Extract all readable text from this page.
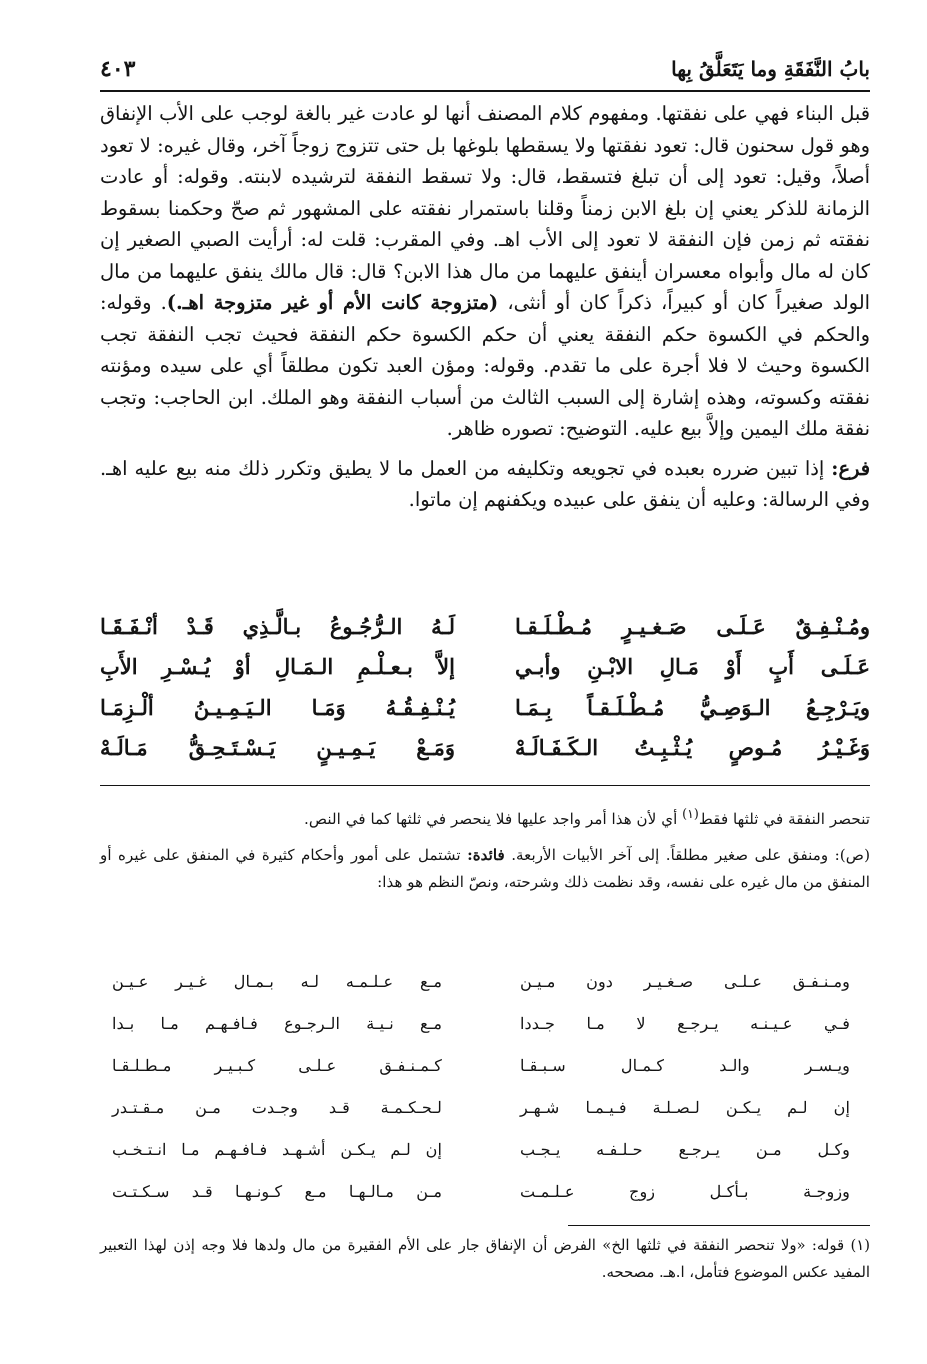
بابُ النَّفَقَةِ وما يَتَعَلَّقُ بِها
٤٠٣

قبل البناء فهي على نفقتها. ومفهوم كلام المصنف أنها لو عادت غير بالغة لوجب على الأب الإنفاق وهو قول سحنون قال: تعود نفقتها ولا يسقطها بلوغها بل حتى تتزوج زوجاً آخر، وقال غيره: لا تعود أصلاً، وقيل: تعود إلى أن تبلغ فتسقط، قال: ولا تسقط النفقة لترشيده لابنته. وقوله: أو عادت الزمانة للذكر يعني إن بلغ الابن زمناً وقلنا باستمرار نفقته على المشهور ثم صحّ وحكمنا بسقوط نفقته ثم زمن فإن النفقة لا تعود إلى الأب اهـ. وفي المقرب: قلت له: أرأيت الصبي الصغير إن كان له مال وأبواه معسران أينفق عليهما من مال هذا الابن؟ قال: قال مالك ينفق عليهما من مال الولد صغيراً كان أو كبيراً، ذكراً كان أو أنثى، (متزوجة كانت الأم أو غير متزوجة اهـ.). وقوله: والحكم في الكسوة حكم النفقة يعني أن حكم الكسوة حكم النفقة فحيث تجب النفقة تجب الكسوة وحيث لا فلا أجرة على ما تقدم. وقوله: ومؤن العبد تكون مطلقاً أي على سيده ومؤنته نفقته وكسوته، وهذه إشارة إلى السبب الثالث من أسباب النفقة وهو الملك. ابن الحاجب: وتجب نفقة ملك اليمين وإلاَّ بيع عليه. التوضيح: تصوره ظاهر.

فرع: إذا تبين ضرره بعبده في تجويعه وتكليفه من العمل ما لا يطيق وتكرر ذلك منه بيع عليه اهـ. وفي الرسالة: وعليه أن ينفق على عبيده ويكفنهم إن ماتوا.

ومُـنْـفِـقٌ عَـلَـى صَـغـيـرٍ مُـطْـلَـقـا
لَـهُ الـرُّجُـوعُ بـالَّـذِي قَـدْ أنْـفَـقَـا
عَـلَـى أَبٍ أَوْ مَـالِ الابْـنِ وأبـي
إلاَّ بـعـلْـمِ الـمَـالِ أوْ يُـسْـرِ الأَبِ
ويَـرْجِـعُ الـوَصِـيُّ مُـطْـلَـقـاً بِـمَـا
يُـنْـفِـقُـهُ وَمَـا الـيَـمِـيـنُ ألْـزِمَـا
وَغَـيْـرُ مُـوصٍ يُـثْـبِـتُ الـكَـفَـالَـهْ
وَمَـعْ يَـمِـيـنٍ يَـسْـتَـحِـقُّ مَـالَـهْ

تنحصر النفقة في ثلثها فقط$^{(١)}$ أي لأن هذا أمر واجد عليها فلا ينحصر في ثلثها كما في النص.

(ص): ومنفق على صغير مطلقاً. إلى آخر الأبيات الأربعة. فائدة: تشتمل على أمور وأحكام كثيرة في المنفق على غيره أو المنفق من مال غيره على نفسه، وقد نظمت ذلك وشرحته، ونصّ النظم هو هذا:

ومـنـفـق عـلـى صـغـيـر دون مـيـن
مـع عـلـمـه لـه بـمـال غـيـر عـيـن
فـي عـيـنـه يـرجـع لا مـا جـددا
مـع نـيـة الـرجـوع فـافـهـم مـا بـدا
ويـسـر والـد كـمـال سـبـقـا
كـمـنـفـق عـلـى كـبـيـر مـطـلـقـا
إن لـم يـكـن لـصـلـة فـيـمـا شـهـر
لـحـكـمـة قـد وجـدت مـن مـقـتـدر
وكـل مـن يـرجـع حـلـفـه يـجـب
إن لـم يـكـن أشـهـد فـافـهـم مـا انـتـخـب
وزوجـة بـأكـل زوج عـلـمـت
مـن مـالـهـا مـع كـونـهـا قـد سـكـتـت
(١) قوله: «ولا تنحصر النفقة في ثلثها الخ» الفرض أن الإنفاق جار على الأم الفقيرة من مال ولدها فلا وجه إذن لهذا التعبير المفيد عكس الموضوع فتأمل، ا.هـ. مصححه.
